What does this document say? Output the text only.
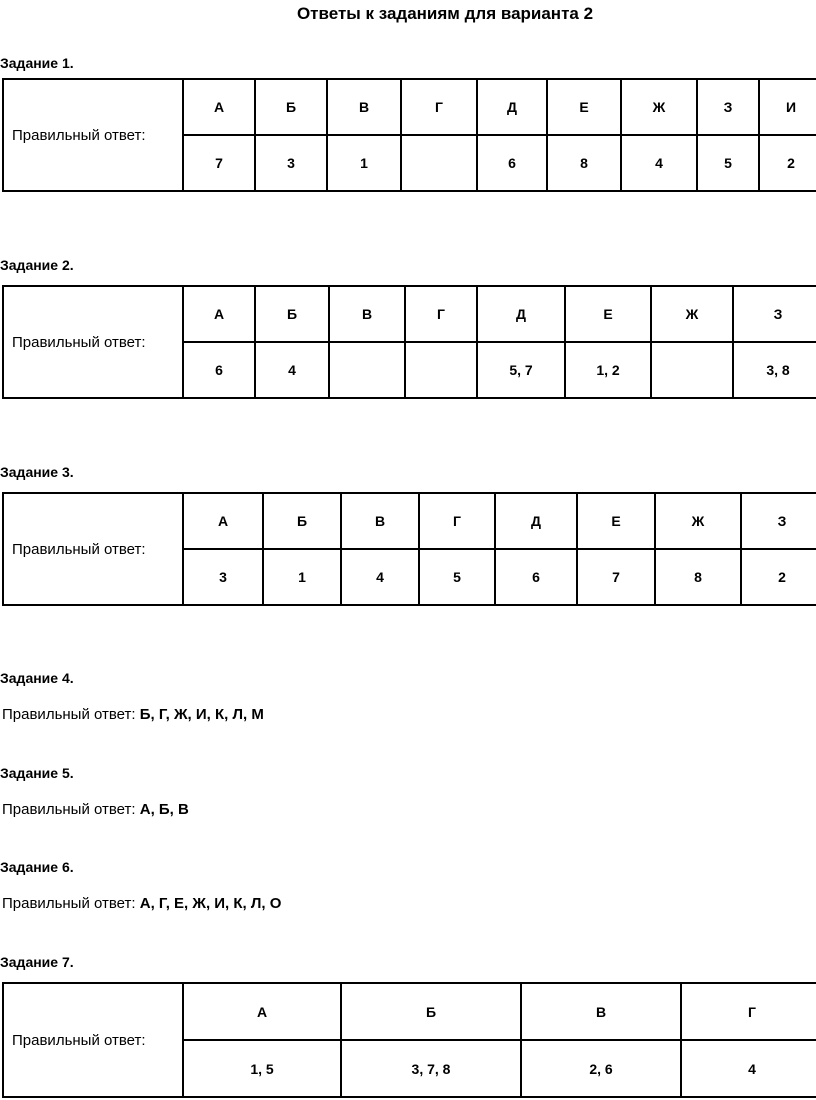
Ответы к заданиям для варианта 2
Задание 1.
Правильный ответ:	А	Б	В	Г	Д	Е	Ж	З	И
	7	3	1		6	8	4	5	2
Задание 2.
Правильный ответ:	А	Б	В	Г	Д	Е	Ж	З
	6	4			5, 7	1, 2		3, 8
Задание 3.
Правильный ответ:	А	Б	В	Г	Д	Е	Ж	З
	3	1	4	5	6	7	8	2
Задание 4.
Правильный ответ: Б, Г, Ж, И, К, Л, М
Задание 5.
Правильный ответ: А, Б, В
Задание 6.
Правильный ответ: А, Г, Е, Ж, И, К, Л, О
Задание 7.
Правильный ответ:	А	Б	В	Г
	1, 5	3, 7, 8	2, 6	4
